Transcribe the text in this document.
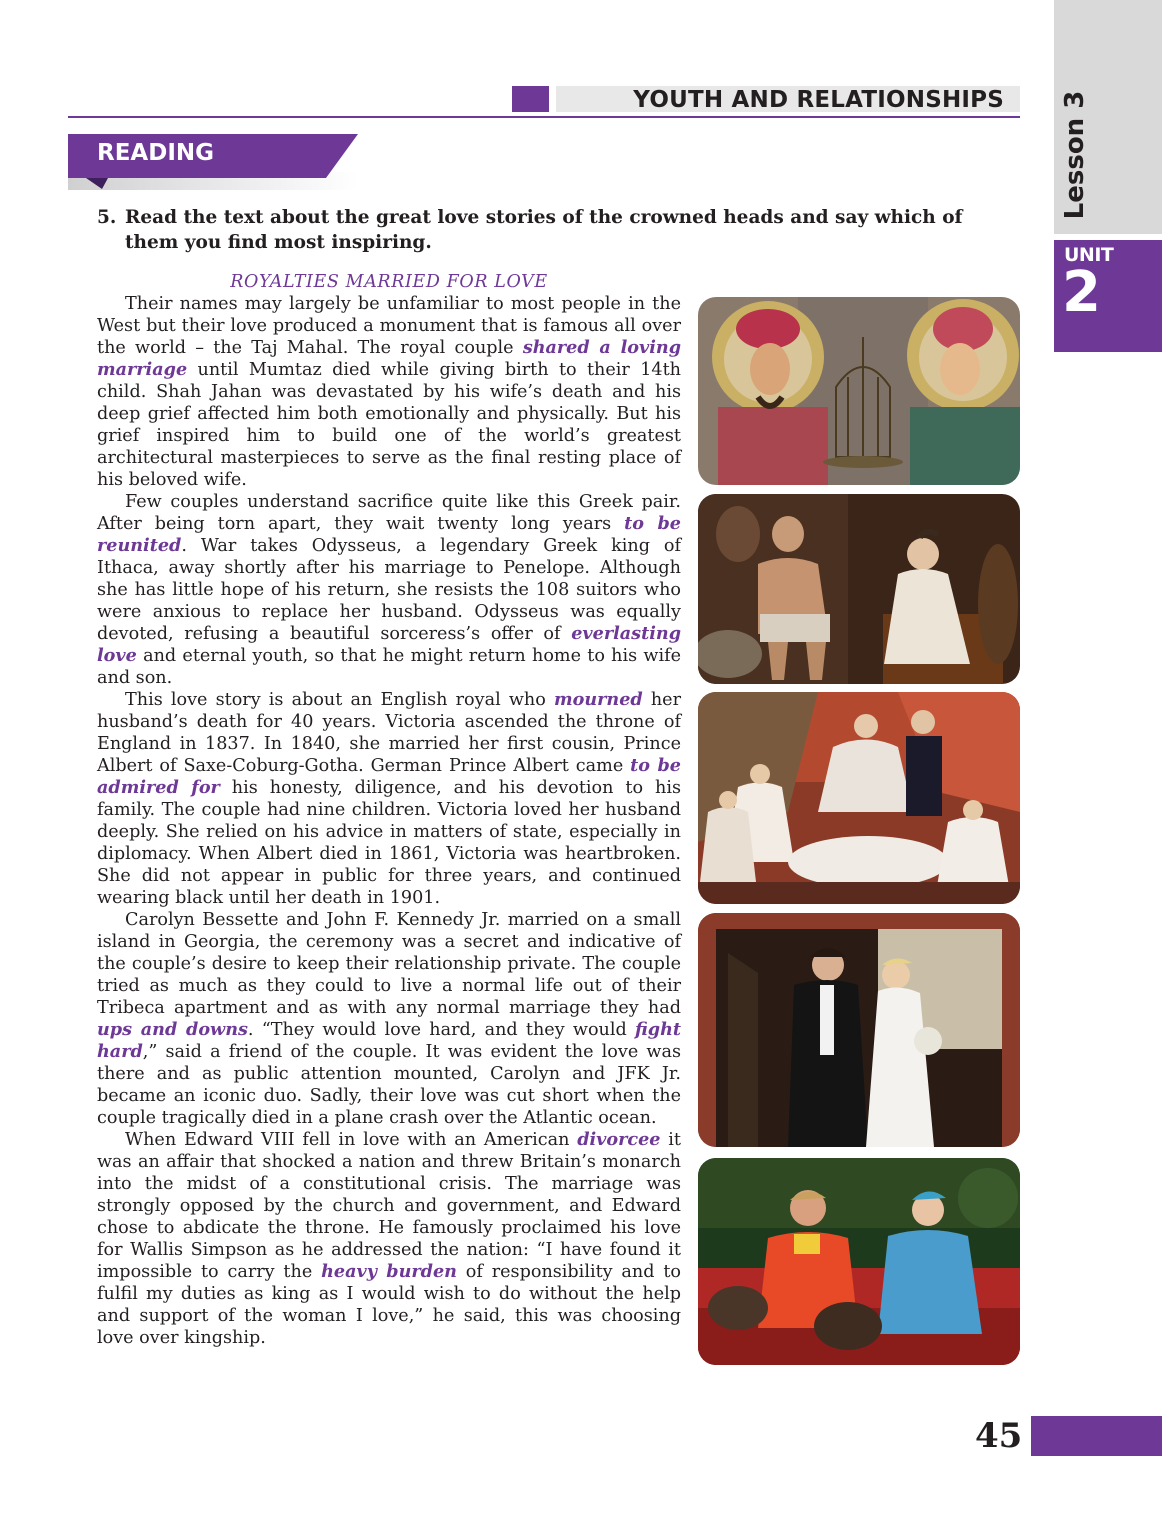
YOUTH AND RELATIONSHIPS
READING	Lesson 3
UNIT
2
5. Read the text about the great love stories of the crowned heads and say which of
them you find most inspiring.
ROYALTIES MARRIED FOR LOVE

Their names may largely be unfamiliar to most people in the West but their love produced a monument that is famous all over the world – the Taj Mahal. The royal couple shared a loving marriage until Mumtaz died while giving birth to their 14th child. Shah Jahan was devastated by his wife’s death and his deep grief affected him both emotionally and physically. But his grief inspired him to build one of the world’s greatest architectural masterpieces to serve as the final resting place of his beloved wife.

Few couples understand sacrifice quite like this Greek pair. After being torn apart, they wait twenty long years to be reunited. War takes Odysseus, a legendary Greek king of Ithaca, away shortly after his marriage to Penelope. Although she has little hope of his return, she resists the 108 suitors who were anxious to replace her husband. Odysseus was equally devoted, refusing a beautiful sorceress’s offer of everlasting love and eternal youth, so that he might return home to his wife and son.

This love story is about an English royal who mourned her husband’s death for 40 years. Victoria ascended the throne of England in 1837. In 1840, she married her first cousin, Prince Albert of Saxe-Coburg-Gotha. German Prince Albert came to be admired for his honesty, diligence, and his devotion to his family. The couple had nine children. Victoria loved her husband deeply. She relied on his advice in matters of state, especially in diplomacy. When Albert died in 1861, Victoria was heartbroken. She did not appear in public for three years, and continued wearing black until her death in 1901.

Carolyn Bessette and John F. Kennedy Jr. married on a small island in Georgia, the ceremony was a secret and indicative of the couple’s desire to keep their relationship private. The couple tried as much as they could to live a normal life out of their Tribeca apartment and as with any normal marriage they had ups and downs. “They would love hard, and they would fight hard,” said a friend of the couple. It was evident the love was there and as public attention mounted, Carolyn and JFK Jr. became an iconic duo. Sadly, their love was cut short when the couple tragically died in a plane crash over the Atlantic ocean.

When Edward VIII fell in love with an American divorcee it was an affair that shocked a nation and threw Britain’s monarch into the midst of a constitutional crisis. The marriage was strongly opposed by the church and government, and Edward chose to abdicate the throne. He famously proclaimed his love for Wallis Simpson as he addressed the nation: “I have found it impossible to carry the heavy burden of responsibility and to fulfil my duties as king as I would wish to do without the help and support of the woman I love,” he said, this was choosing love over kingship.

45
